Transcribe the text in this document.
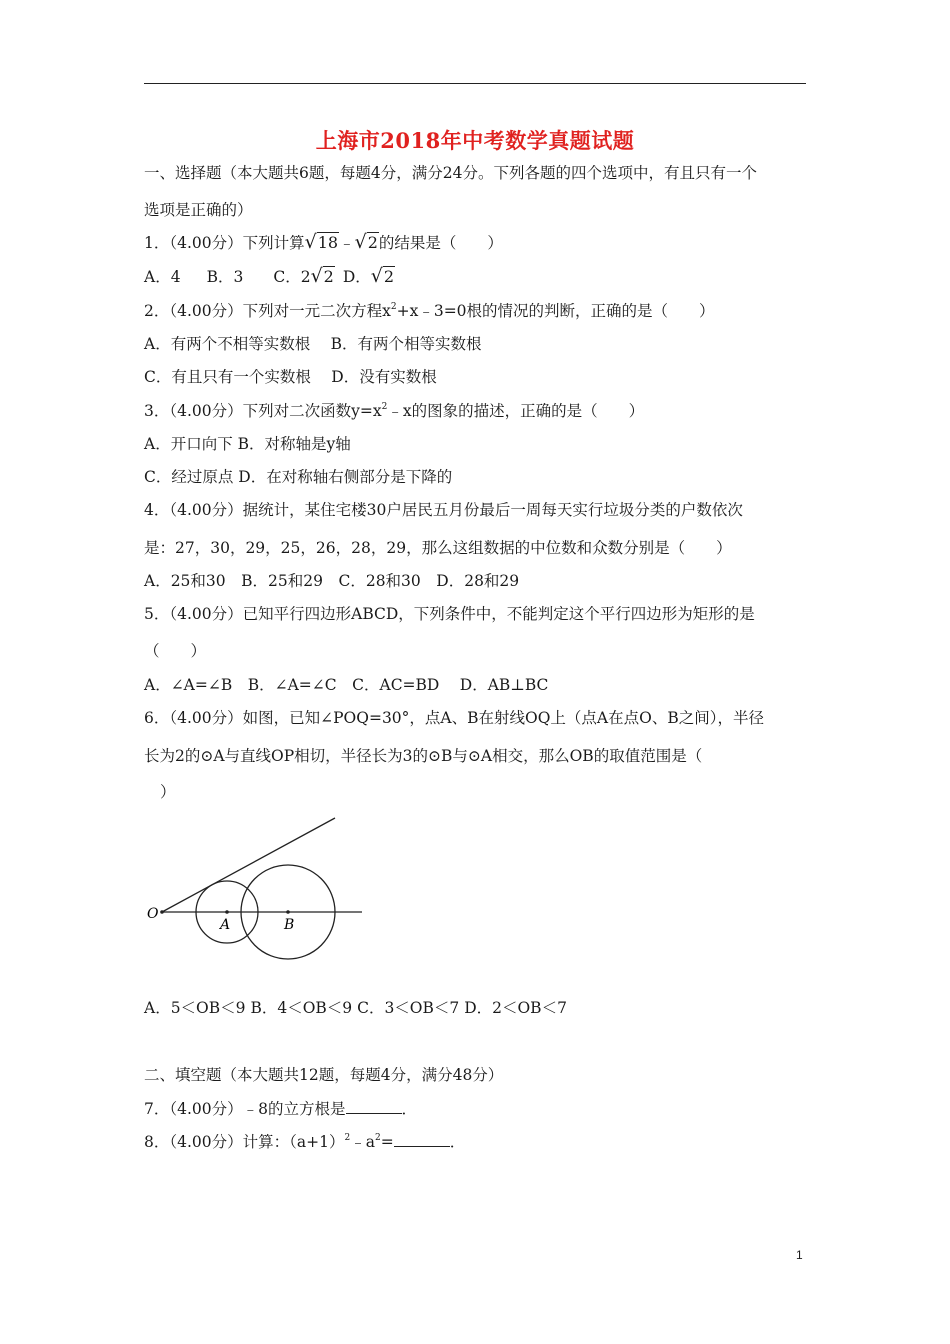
上海市2018年中考数学真题试题
一、选择题（本大题共6题，每题4分，满分24分。下列各题的四个选项中，有且只有一个
选项是正确的）
1．（4.00分）下列计算√18﹣√2的结果是（　　）
A．4 B．3 C．2√2 D．√2
2．（4.00分）下列对一元二次方程$x^2+x﹣3=0$根的情况的判断，正确的是（　　）
A．有两个不相等实数根　 B．有两个相等实数根
C．有且只有一个实数根　 D．没有实数根
3．（4.00分）下列对二次函数$y=x^2﹣x$的图象的描述，正确的是（　　）
A．开口向下 B．对称轴是y轴
C．经过原点 D．在对称轴右侧部分是下降的
4．（4.00分）据统计，某住宅楼30户居民五月份最后一周每天实行垃圾分类的户数依次
是：27，30，29，25，26，28，29，那么这组数据的中位数和众数分别是（　　）
A．25和30　B．25和29　C．28和30　D．28和29
5．（4.00分）已知平行四边形ABCD，下列条件中，不能判定这个平行四边形为矩形的是
（　　）
A．∠A=∠B　B．∠A=∠C　C．AC=BD　 D．AB⊥BC
6．（4.00分）如图，已知∠POQ=30°，点A、B在射线OQ上（点A在点O、B之间），半径
长为2的⊙A与直线OP相切，半径长为3的⊙B与⊙A相交，那么OB的取值范围是（
）
O
A	B
A．5＜OB＜9 B．4＜OB＜9 C．3＜OB＜7 D．2＜OB＜7
二、填空题（本大题共12题，每题4分，满分48分）
7．（4.00分）﹣8的立方根是	．
8．（4.00分）计算：$(a+1)^2﹣a^2=$	．
1
